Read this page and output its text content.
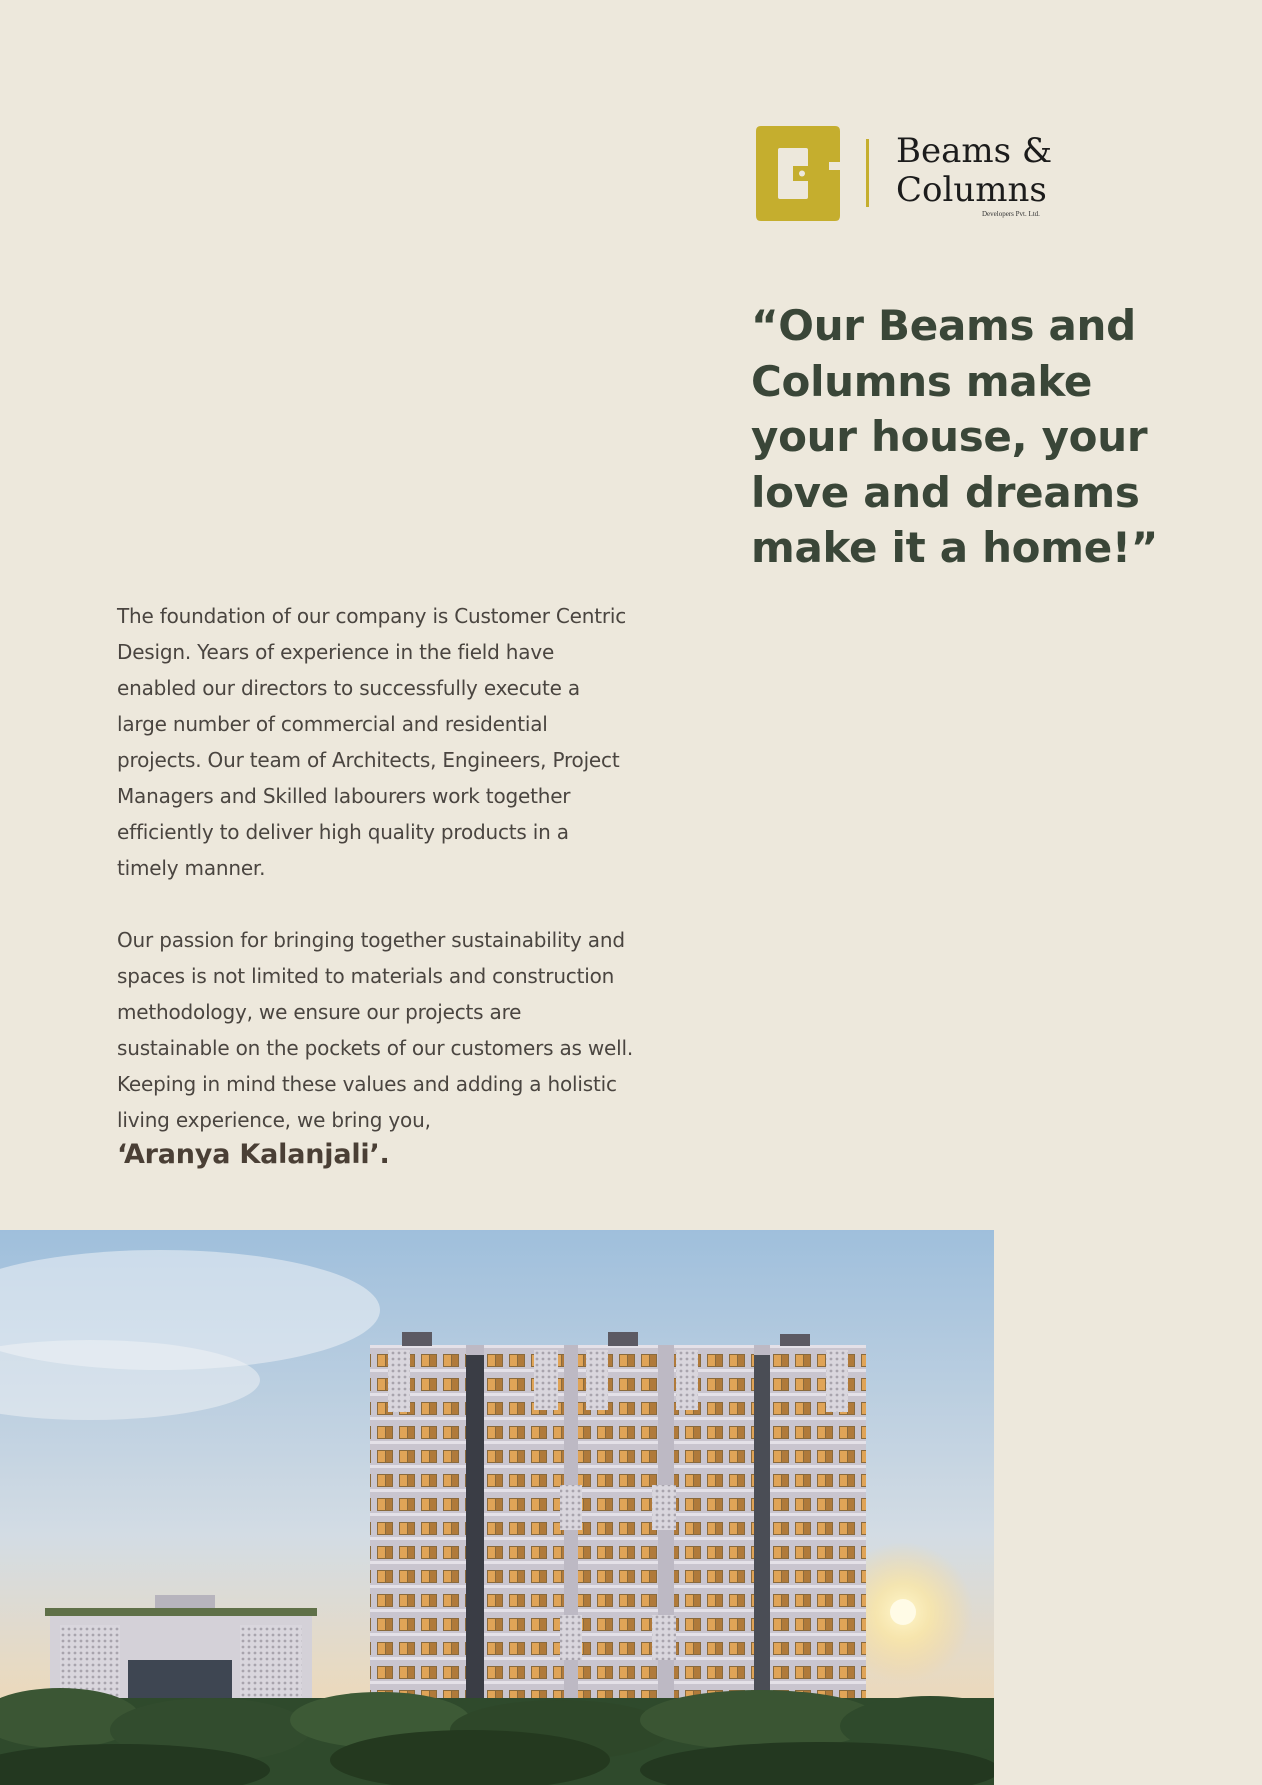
Beams &
Columns
Developers Pvt. Ltd.
“Our Beams and
Columns make
your house, your
love and dreams
make it a home!”

The foundation of our company is Customer Centric
Design. Years of experience in the field have
enabled our directors to successfully execute a
large number of commercial and residential
projects. Our team of Architects, Engineers, Project
Managers and Skilled labourers work together
efficiently to deliver high quality products in a
timely manner.

Our passion for bringing together sustainability and
spaces is not limited to materials and construction
methodology, we ensure our projects are
sustainable on the pockets of our customers as well.
Keeping in mind these values and adding a holistic
living experience, we bring you,

‘Aranya Kalanjali’.
